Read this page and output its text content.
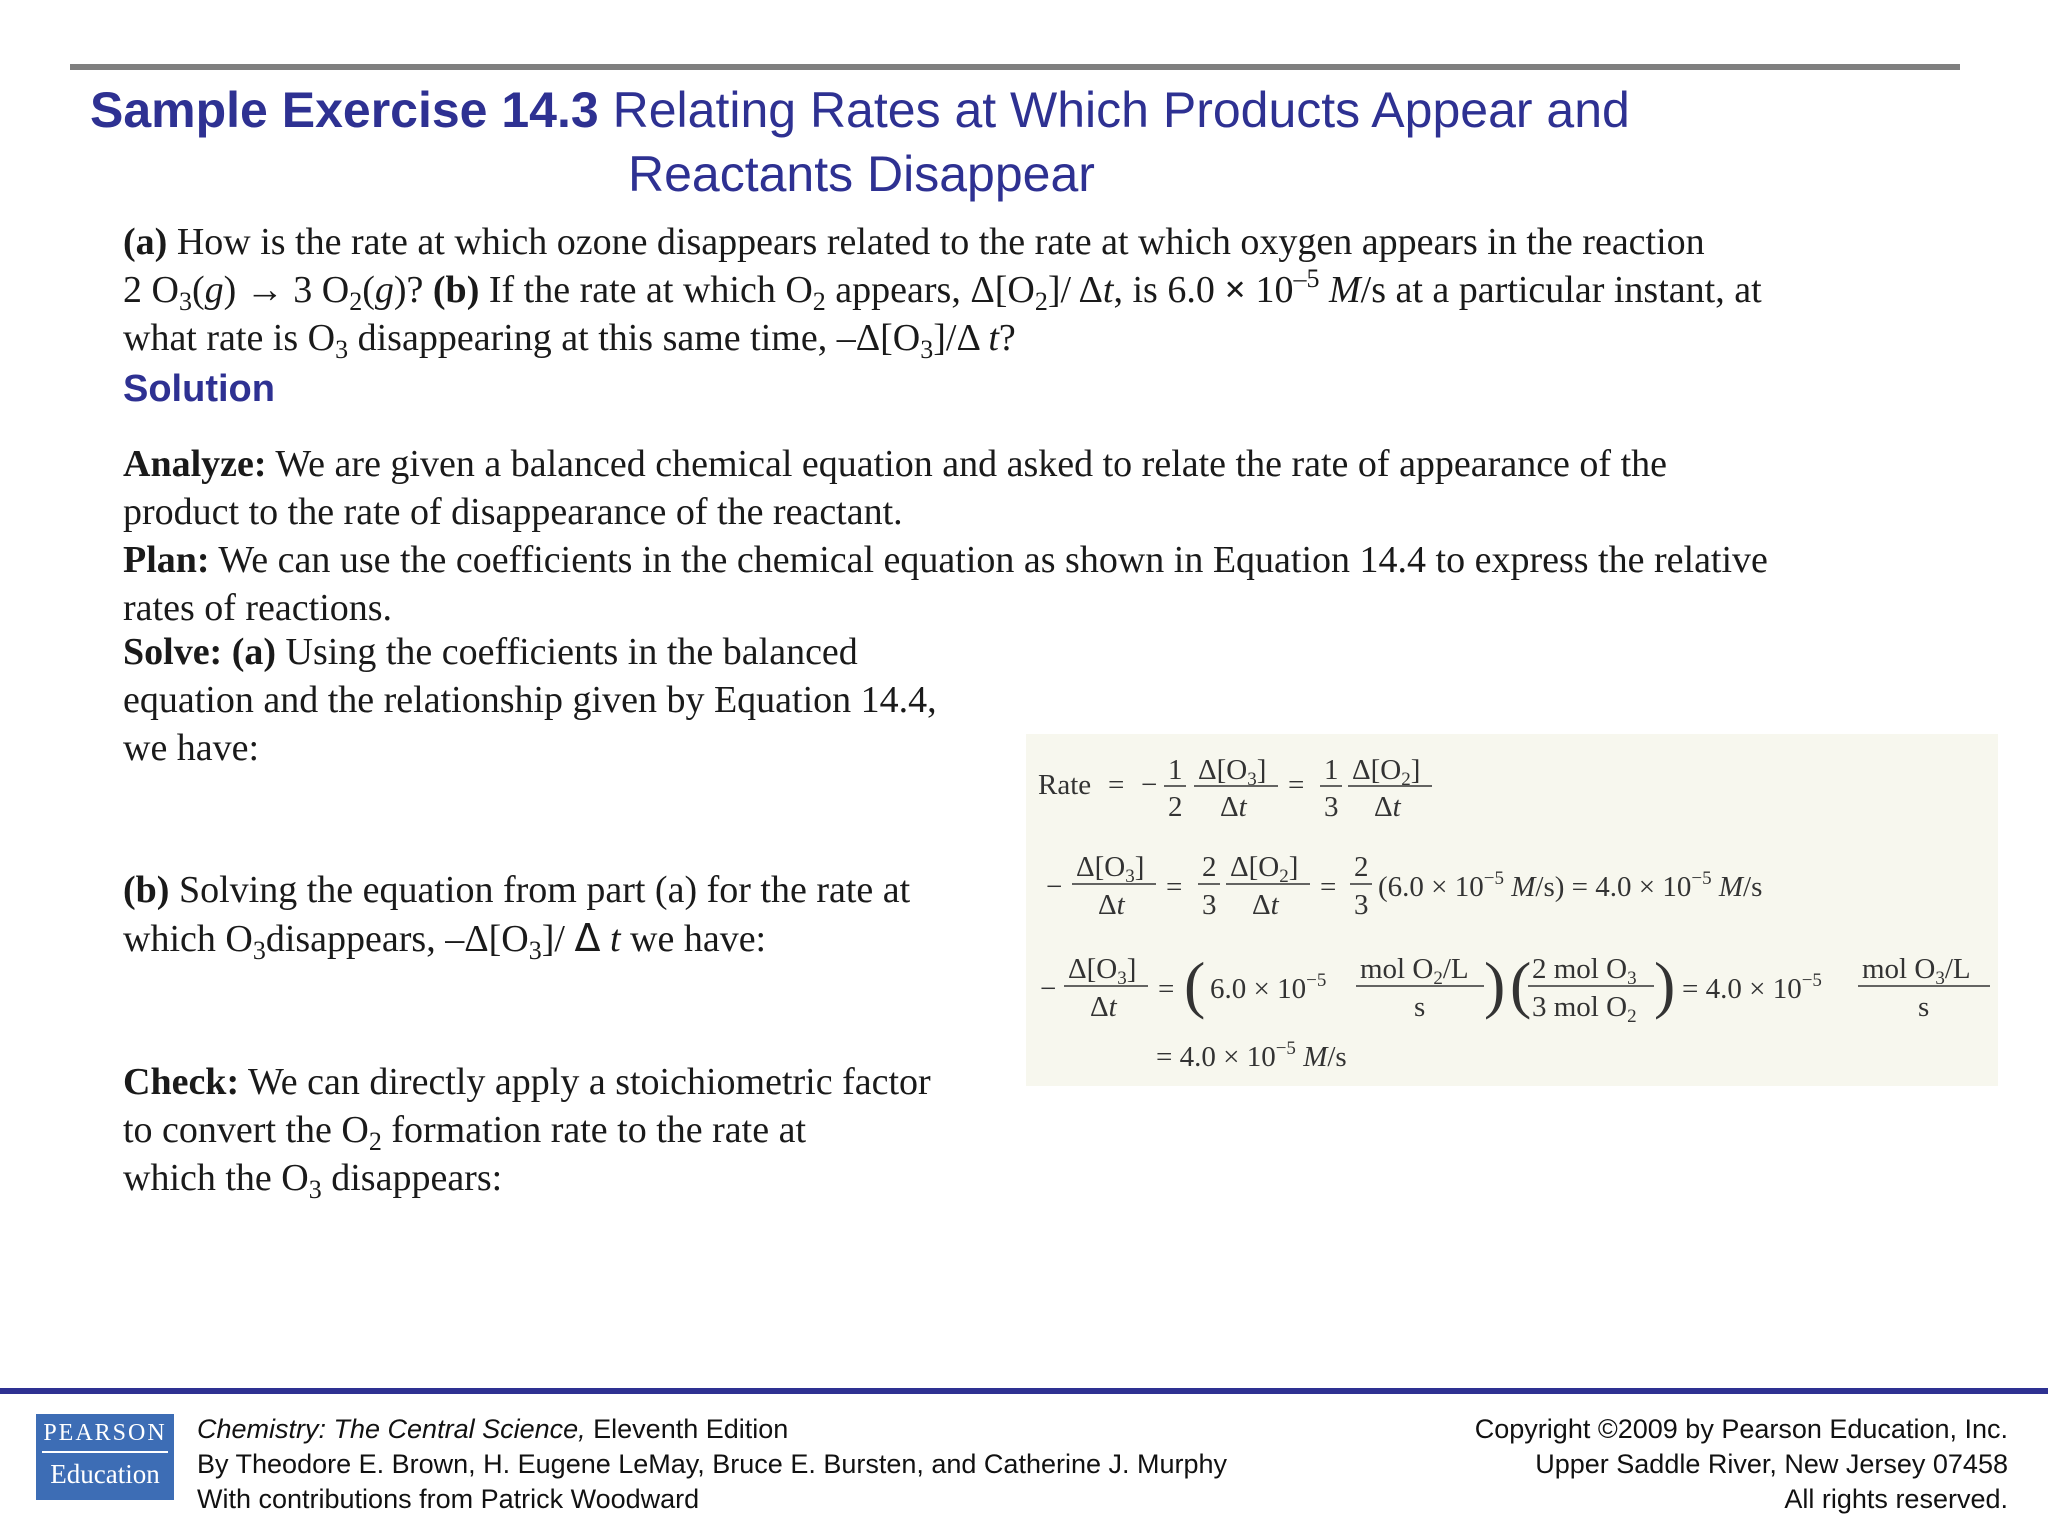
Sample Exercise 14.3 Relating Rates at Which Products Appear and
Reactants Disappear
(a) How is the rate at which ozone disappears related to the rate at which oxygen appears in the reaction
2 $O_3(g) \to 3$ $O_2(g)$? (b) If the rate at which $O_2$ appears, $\Delta[O_2]/$ Δt, is $6.0 \times 10^{-5}$ M/s at a particular instant, at
what rate is $O_3$ disappearing at this same time, $-\Delta[O_3]/\Delta$ t?
Solution
Analyze: We are given a balanced chemical equation and asked to relate the rate of appearance of the
product to the rate of disappearance of the reactant.
Plan: We can use the coefficients in the chemical equation as shown in Equation 14.4 to express the relative
rates of reactions.
Solve: (a) Using the coefficients in the balanced
equation and the relationship given by Equation 14.4,
we have:
(b) Solving the equation from part (a) for the rate at
which $O_3disappears$, $-\Delta[O_3]/$ Δ t we have:
Check: We can directly apply a stoichiometric factor
to convert the $O_2$ formation rate to the rate at
which the $O_3$ disappears:
Rate = − 1
2
$\Delta[O_3]$
Δt
= 1
3
$\Delta[O_2]$
Δt
−
$\Delta[O_3]$
Δt
=
2
3
$\Delta[O_2]$
Δt
=
2
3
($6.0 \times 10^{-5}$ $M/s) = 4.0 \times 10^{-5}$ M/s
−
$\Delta[O_3]$
Δt
= ( $6.0 \times 10^{-5}$ mol $O_2/L$
s ) ( 2 mol $O_3$
3 mol $O_2$ ) = $4.0 \times 10^{-5}$ mol $O_3/L$
s
= $4.0 \times 10^{-5}$ M/s
PEARSON
Education
Chemistry: The Central Science, Eleventh Edition
By Theodore E. Brown, H. Eugene LeMay, Bruce E. Bursten, and Catherine J. Murphy
With contributions from Patrick Woodward
Copyright ©2009 by Pearson Education, Inc.
Upper Saddle River, New Jersey 07458
All rights reserved.
